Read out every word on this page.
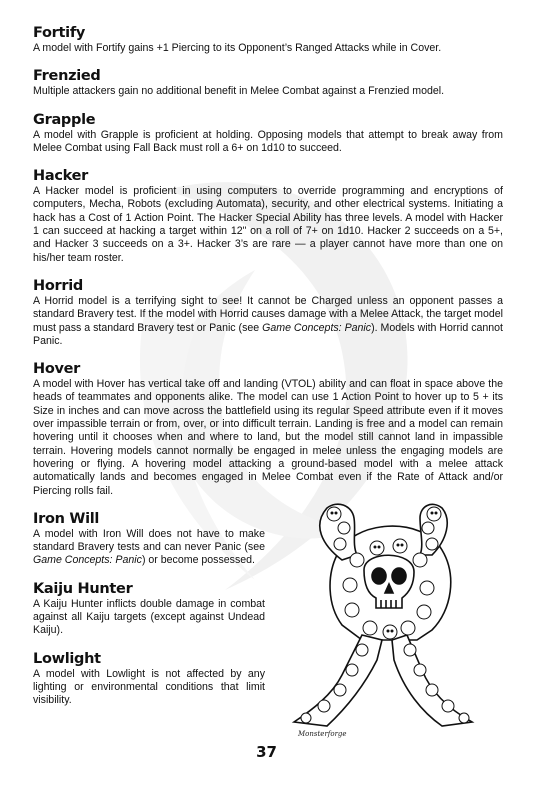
Fortify

A model with Fortify gains +1 Piercing to its Opponent’s Ranged Attacks while in Cover.

Frenzied

Multiple attackers gain no additional benefit in Melee Combat against a Frenzied model.

Grapple

A model with Grapple is proficient at holding. Opposing models that attempt to break away from Melee Combat using Fall Back must roll a 6+ on 1d10 to succeed.

Hacker

A Hacker model is proficient in using computers to override programming and encryptions of computers, Mecha, Robots (excluding Automata), security, and other electrical systems. Initiating a hack has a Cost of 1 Action Point. The Hacker Special Ability has three levels. A model with Hacker 1 can succeed at hacking a target within 12" on a roll of 7+ on 1d10. Hacker 2 succeeds on a 5+, and Hacker 3 succeeds on a 3+. Hacker 3’s are rare — a player cannot have more than one on his/her team roster.

Horrid

A Horrid model is a terrifying sight to see! It cannot be Charged unless an opponent passes a standard Bravery test. If the model with Horrid causes damage with a Melee Attack, the target model must pass a standard Bravery test or Panic (see Game Concepts: Panic). Models with Horrid cannot Panic.

Hover

A model with Hover has vertical take off and landing (VTOL) ability and can float in space above the heads of teammates and opponents alike. The model can use 1 Action Point to hover up to 5 + its Size in inches and can move across the battlefield using its regular Speed attribute even if it moves over impassible terrain or from, over, or into difficult terrain. Landing is free and a model can remain hovering until it chooses when and where to land, but the model still cannot land in impassible terrain. Hovering models cannot normally be engaged in melee unless the engaging models are hovering or flying. A hovering model attacking a ground-based model with a melee attack automatically lands and becomes engaged in Melee Combat even if the Rate of Attack and/or Piercing rolls fail.

Iron Will

A model with Iron Will does not have to make standard Bravery tests and can never Panic (see Game Concepts: Panic) or become possessed.

Kaiju Hunter

A Kaiju Hunter inflicts double damage in combat against all Kaiju targets (except against Undead Kaiju).

Lowlight

A model with Lowlight is not affected by any lighting or environmental conditions that limit visibility.

Monsterforge
37
